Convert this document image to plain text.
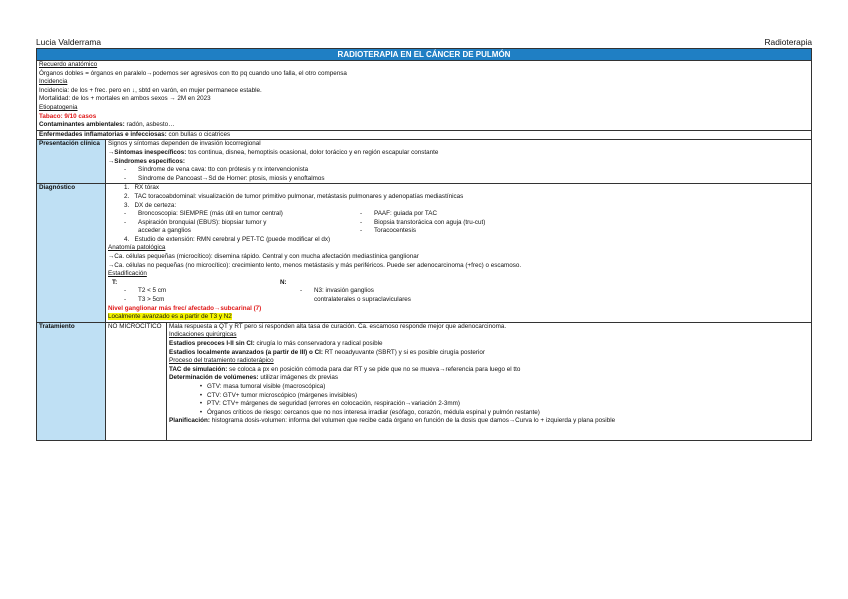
Lucia Valderrama	Radioterapia
RADIOTERAPIA EN EL CÁNCER DE PULMÓN

Recuerdo anatómico
Órganos dobles = órganos en paralelo→podemos ser agresivos con tto pq cuando uno falla, el otro compensa
Incidencia
Incidencia: de los + frec. pero en ↓, sbtd en varón, en mujer permanece estable.
Mortalidad: de los + mortales en ambos sexos → 2M en 2023
Etiopatogenia
Tabaco: 9/10 casos
Contaminantes ambientales: radón, asbesto…

Enfermedades inflamatorias e infecciosas: con bullas o cicatrices
Presentación clínica	Signos y síntomas dependen de invasión locorregional
→Síntomas inespecíficos: tos continua, disnea, hemoptisis ocasional, dolor torácico y en región escapular constante
→Síndromes específicos:
- Síndrome de vena cava: tto con prótesis y rx intervencionista
- Síndrome de Pancoast→Sd de Horner: ptosis, miosis y enoftalmos

Diagnóstico	1.   RX tórax
2.   TAC toracoabdominal: visualización de tumor primitivo pulmonar, metástasis pulmonares y adenopatías mediastínicas
3.   DX de certeza:
- Broncoscopia: SIEMPRE (más útil en tumor central)
- Aspiración bronquial (EBUS): biopsiar tumor y
acceder a ganglios
- PAAF: guiada por TAC
- Biopsia transtorácica con aguja (tru-cut)
- Toracocentesis
4.   Estudio de extensión: RMN cerebral y PET-TC (puede modificar el dx)
Anatomía patológica
→Ca. células pequeñas (microcítico): disemina rápido. Central y con mucha afectación mediastínica ganglionar
→Ca. células no pequeñas (no microcítico): crecimiento lento, menos metástasis y más periféricos. Puede ser adenocarcinoma (+frec) o escamoso.
Estadificación
T:	N:
- T2 < 5 cm
- T3 > 5cm
- N3: invasión ganglios
contralaterales o supraclaviculares
Nivel ganglionar más frec/ afectado→subcarinal (7)
Localmente avanzado es a partir de T3 y N2

Tratamiento		NO MICROCÍTICO	Mala respuesta a QT y RT pero si responden alta tasa de curación. Ca. escamoso responde mejor que adenocarcinoma.
Indicaciones quirúrgicas
Estadios precoces I-II sin CI: cirugía lo más conservadora y radical posible
Estadios localmente avanzados (a partir de III) o CI: RT neoadyuvante (SBRT) y si es posible cirugía posterior
Proceso del tratamiento radioterápico
TAC de simulación: se coloca a px en posición cómoda para dar RT y se pide que no se mueva→referencia para luego el tto
Determinación de volúmenes: utilizar imágenes dx previas
• GTV: masa tumoral visible (macroscópica)
• CTV: GTV+ tumor microscópico (márgenes invisibles)
• PTV: CTV+ márgenes de seguridad (errores en colocación, respiración→variación 2-3mm)
• Órganos críticos de riesgo: cercanos que no nos interesa irradiar (esófago, corazón, médula espinal y pulmón restante)
Planificación: histograma dosis-volumen: informa del volumen que recibe cada órgano en función de la dosis que damos→Curva lo + izquierda y plana posible
